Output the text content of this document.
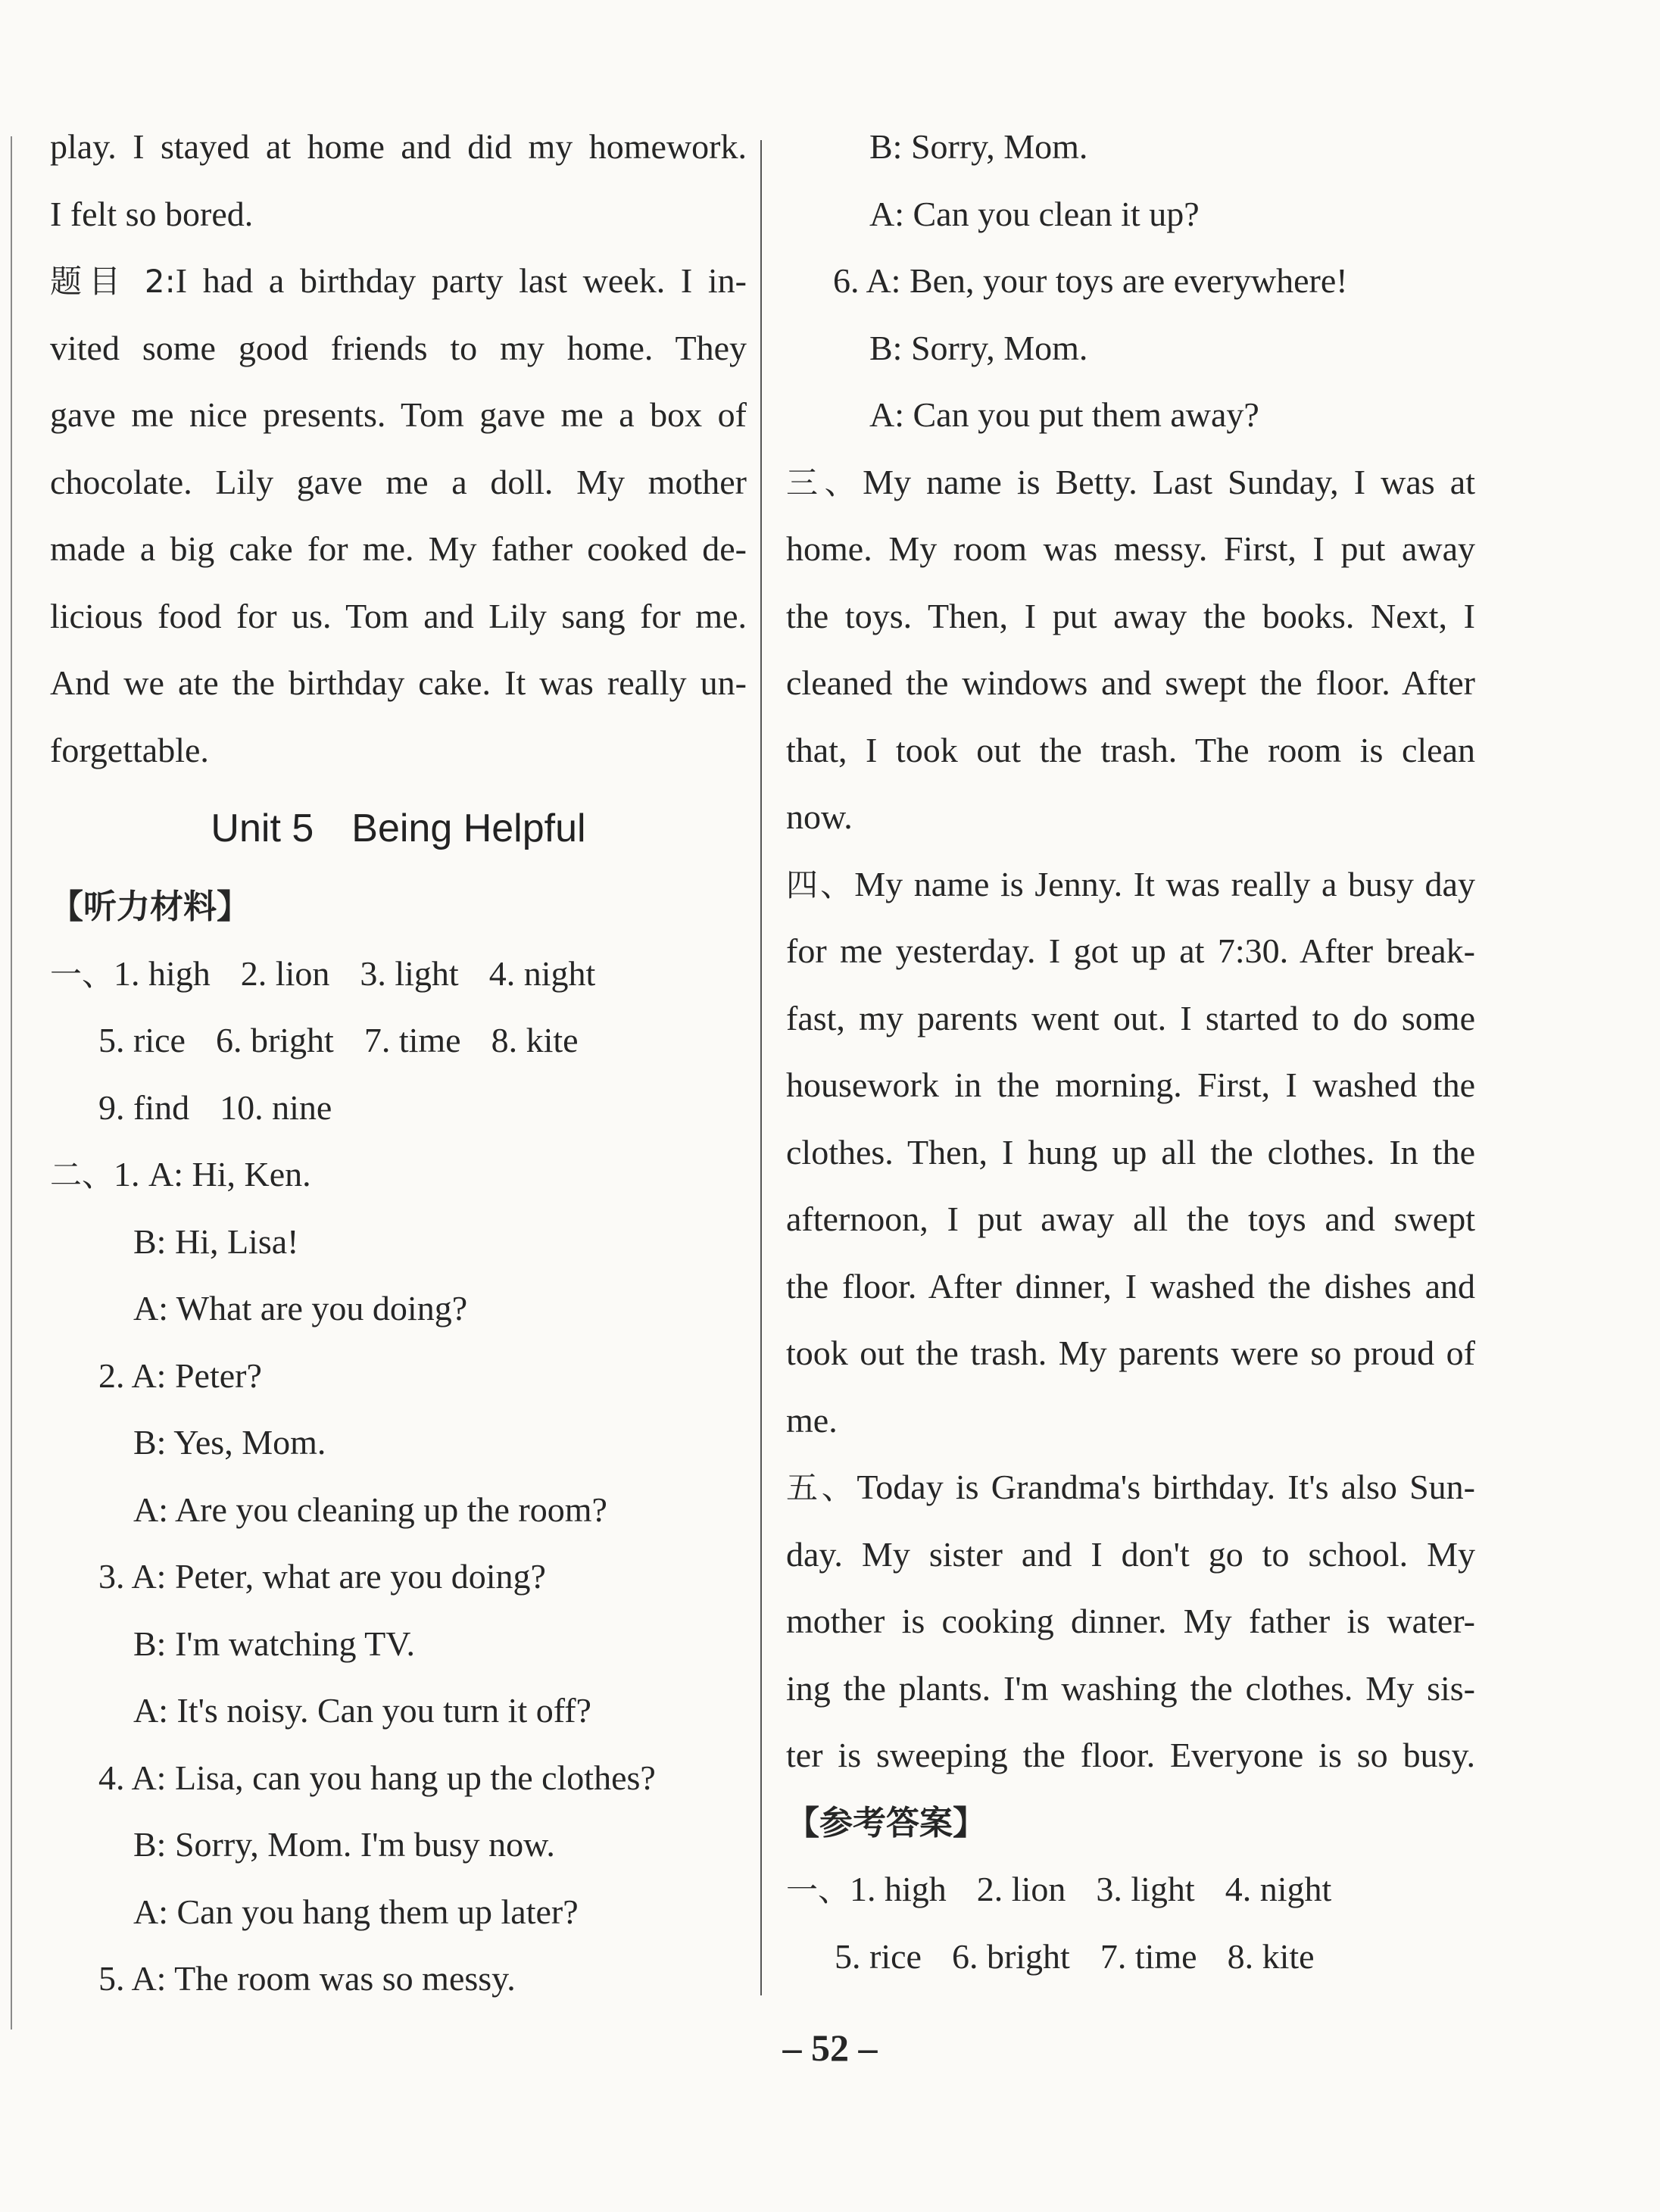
play. I stayed at home and did my homework.
I felt so bored.
题目 2:I had a birthday party last week. I in-
vited some good friends to my home. They
gave me nice presents. Tom gave me a box of
chocolate. Lily gave me a doll. My mother
made a big cake for me. My father cooked de-
licious food for us. Tom and Lily sang for me.
And we ate the birthday cake. It was really un-
forgettable.
Unit 5 Being Helpful
【听力材料】
一、1. high 2. lion 3. light 4. night
5. rice 6. bright 7. time 8. kite
9. find 10. nine
二、1. A: Hi, Ken.
B: Hi, Lisa!
A: What are you doing?
2. A: Peter?
B: Yes, Mom.
A: Are you cleaning up the room?
3. A: Peter, what are you doing?
B: I'm watching TV.
A: It's noisy. Can you turn it off?
4. A: Lisa, can you hang up the clothes?
B: Sorry, Mom. I'm busy now.
A: Can you hang them up later?
5. A: The room was so messy.
B: Sorry, Mom.
A: Can you clean it up?
6. A: Ben, your toys are everywhere!
B: Sorry, Mom.
A: Can you put them away?
三、My name is Betty. Last Sunday, I was at
home. My room was messy. First, I put away
the toys. Then, I put away the books. Next, I
cleaned the windows and swept the floor. After
that, I took out the trash. The room is clean
now.
四、My name is Jenny. It was really a busy day
for me yesterday. I got up at 7:30. After break-
fast, my parents went out. I started to do some
housework in the morning. First, I washed the
clothes. Then, I hung up all the clothes. In the
afternoon, I put away all the toys and swept
the floor. After dinner, I washed the dishes and
took out the trash. My parents were so proud of
me.
五、Today is Grandma's birthday. It's also Sun-
day. My sister and I don't go to school. My
mother is cooking dinner. My father is water-
ing the plants. I'm washing the clothes. My sis-
ter is sweeping the floor. Everyone is so busy.
【参考答案】
一、1. high 2. lion 3. light 4. night
5. rice 6. bright 7. time 8. kite
– 52 –
